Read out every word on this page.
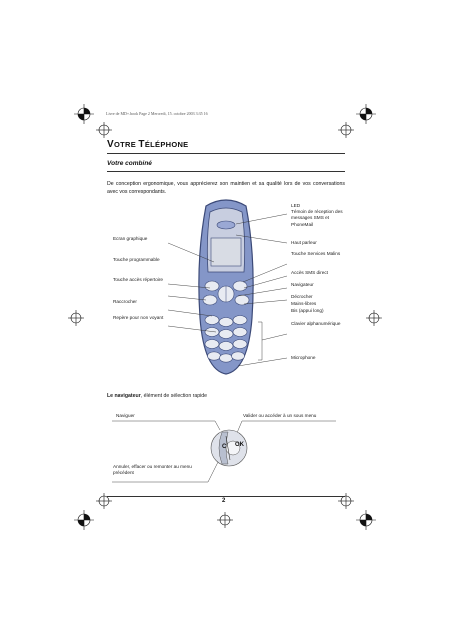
Livre de MD+.book Page 2 Mercredi, 15. octobre 2003 3:35 16
VOTRE TÉLÉPHONE
Votre combiné
De conception ergonomique, vous apprécierez son maintien et sa qualité lors de vos conversations avec vos correspondants.
Ecran graphique
Touche programmable
Touche accès répertoire
Raccrocher
Repère pour non voyant
LED
Témoin de réception des messages SMS et PhoneMail
Haut parleur
Touche Services Malins
Accès SMS direct
Navigateur
Décrocher
Mains-libres
Bis (appui long)
Clavier alphanumérique
Microphone
Le navigateur, élément de sélection rapide
Naviguer	Valider ou accéder à un sous menu
Annuler, effacer ou remonter au menu précédent
OK
C
2
